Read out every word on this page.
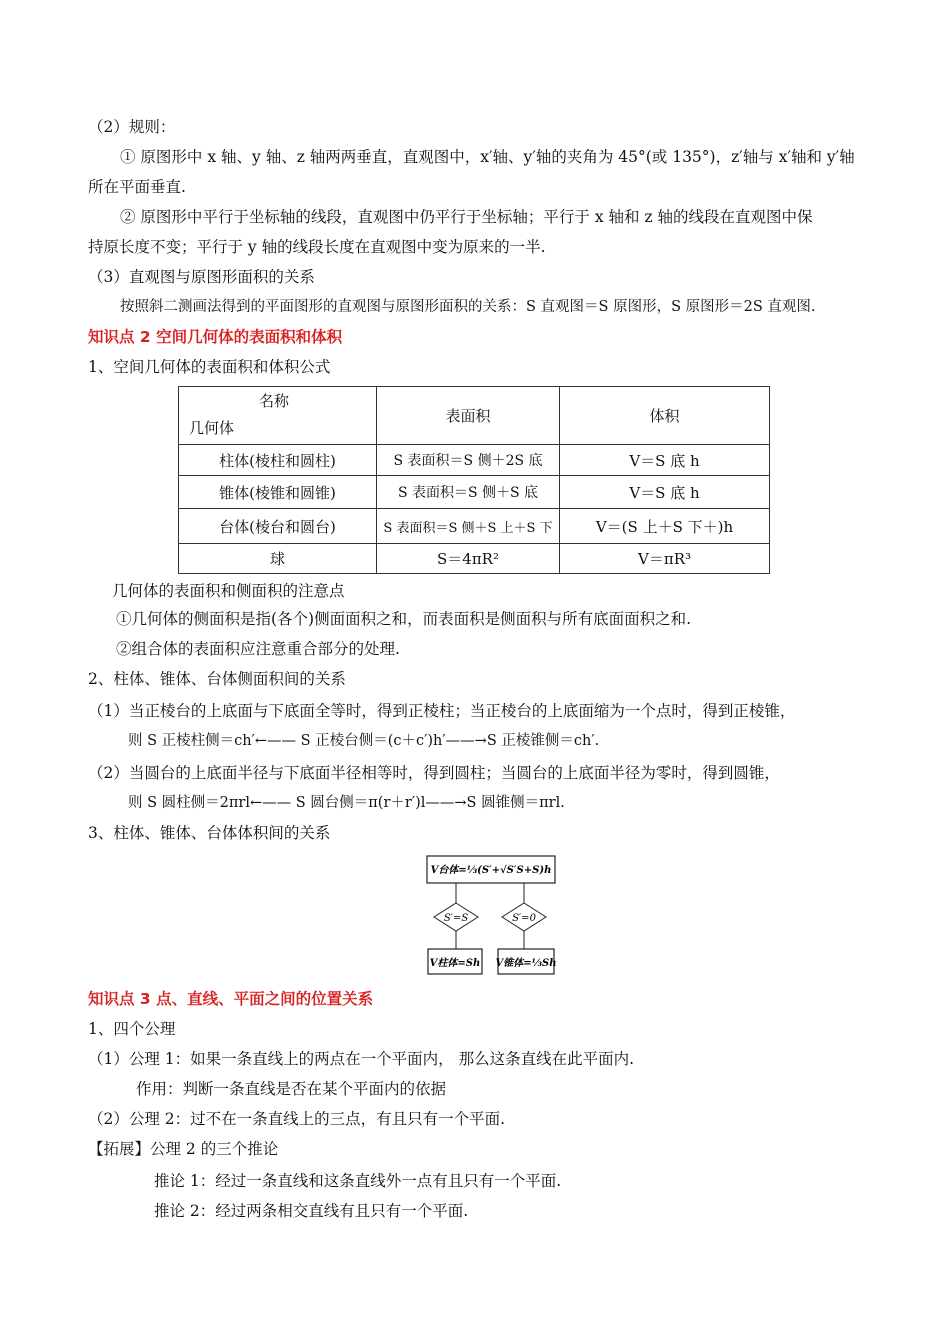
（2）规则：
① 原图形中 x 轴、y 轴、z 轴两两垂直，直观图中，x′轴、y′轴的夹角为 45°(或 135°)，z′轴与 x′轴和 y′轴
所在平面垂直.
② 原图形中平行于坐标轴的线段，直观图中仍平行于坐标轴；平行于 x 轴和 z 轴的线段在直观图中保
持原长度不变；平行于 y 轴的线段长度在直观图中变为原来的一半.
（3）直观图与原图形面积的关系
按照斜二测画法得到的平面图形的直观图与原图形面积的关系：S 直观图＝S 原图形，S 原图形＝2S 直观图.
知识点 2 空间几何体的表面积和体积
1、空间几何体的表面积和体积公式
名称
几何体	表面积	体积
柱体(棱柱和圆柱)	S 表面积＝S 侧＋2S 底	V＝S 底 h
锥体(棱锥和圆锥)	S 表面积＝S 侧＋S 底	V＝S 底 h
台体(棱台和圆台)	S 表面积＝S 侧＋S 上＋S 下	V＝(S 上＋S 下＋)h
球	S＝4πR²	V＝πR³
几何体的表面积和侧面积的注意点
①几何体的侧面积是指(各个)侧面面积之和，而表面积是侧面积与所有底面面积之和.
②组合体的表面积应注意重合部分的处理.
2、柱体、锥体、台体侧面积间的关系
（1）当正棱台的上底面与下底面全等时，得到正棱柱；当正棱台的上底面缩为一个点时，得到正棱锥，
则 S 正棱柱侧＝ch′←—— S 正棱台侧＝(c＋c′)h′——→S 正棱锥侧＝ch′.
（2）当圆台的上底面半径与下底面半径相等时，得到圆柱；当圆台的上底面半径为零时，得到圆锥，
则 S 圆柱侧＝2πrl←—— S 圆台侧＝π(r＋r′)l——→S 圆锥侧＝πrl.
3、柱体、锥体、台体体积间的关系
V台体=⅓(S′+√S′S+S)h
S′=S	S′=0
V柱体=Sh V锥体=⅓Sh
知识点 3 点、直线、平面之间的位置关系
1、四个公理
（1）公理 1：如果一条直线上的两点在一个平面内， 那么这条直线在此平面内.
作用：判断一条直线是否在某个平面内的依据
（2）公理 2：过不在一条直线上的三点，有且只有一个平面.
【拓展】公理 2 的三个推论
推论 1：经过一条直线和这条直线外一点有且只有一个平面.
推论 2：经过两条相交直线有且只有一个平面.
